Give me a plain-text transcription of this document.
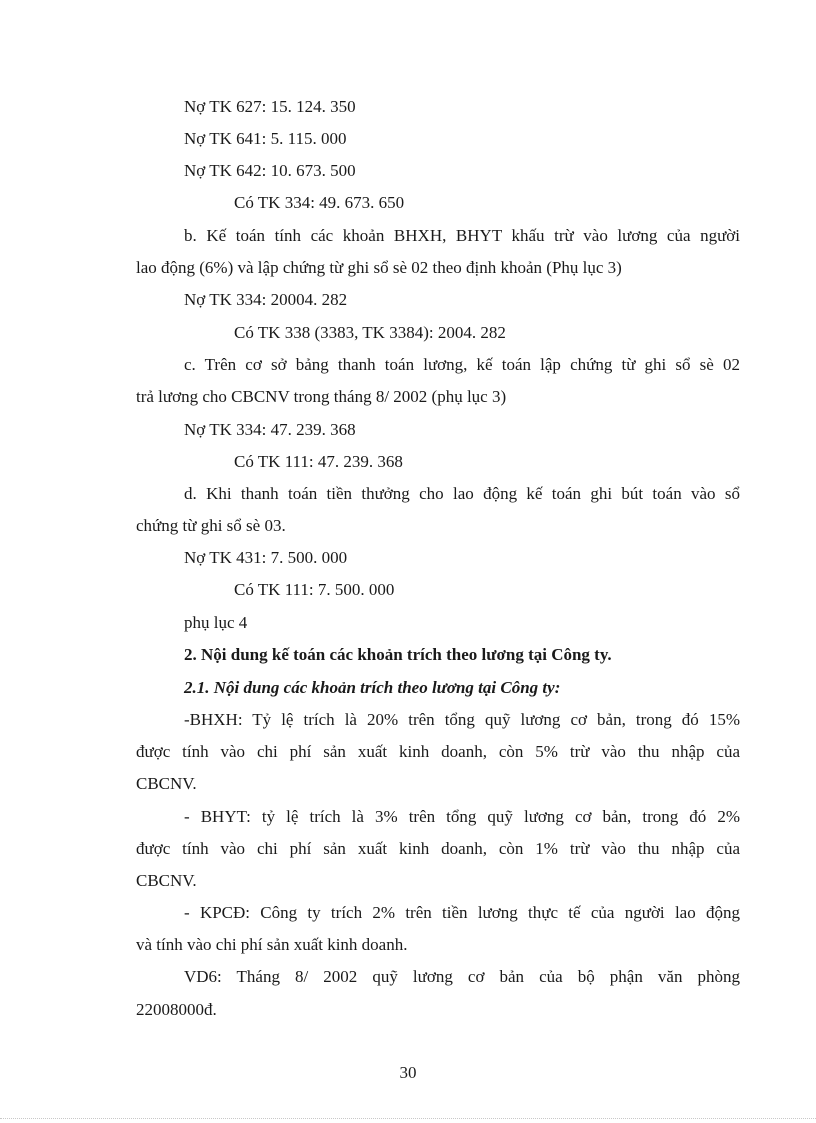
Nợ TK 627: 15. 124. 350
Nợ TK 641: 5. 115. 000
Nợ TK 642: 10. 673. 500
Có TK 334: 49. 673. 650
b. Kế toán tính các khoản BHXH, BHYT khấu trừ vào lương của người
lao động (6%) và lập chứng từ ghi sổ sè 02 theo định khoản (Phụ lục 3)
Nợ TK 334: 20004. 282
Có TK 338 (3383, TK 3384): 2004. 282
c. Trên cơ sở bảng thanh toán lương, kế toán lập chứng từ ghi sổ sè 02
trả lương cho CBCNV trong tháng 8/ 2002 (phụ lục 3)
Nợ TK 334: 47. 239. 368
Có TK 111: 47. 239. 368
d. Khi thanh toán tiền thưởng cho lao động kế toán ghi bút toán vào sổ
chứng từ ghi sổ sè 03.
Nợ TK 431: 7. 500. 000
Có TK 111: 7. 500. 000
phụ lục 4
2. Nội dung kế toán các khoản trích theo lương tại Công ty.
2.1. Nội dung các khoản trích theo lương tại Công ty:
-BHXH: Tỷ lệ trích là 20% trên tổng quỹ lương cơ bản, trong đó 15%
được tính vào chi phí sản xuất kinh doanh, còn 5% trừ vào thu nhập của
CBCNV.
- BHYT: tỷ lệ trích là 3% trên tổng quỹ lương cơ bản, trong đó 2%
được tính vào chi phí sản xuất kinh doanh, còn 1% trừ vào thu nhập của
CBCNV.
- KPCĐ: Công ty trích 2% trên tiền lương thực tế của người lao động
và tính vào chi phí sản xuất kinh doanh.
VD6: Tháng 8/ 2002 quỹ lương cơ bản của bộ phận văn phòng
22008000đ.
30
